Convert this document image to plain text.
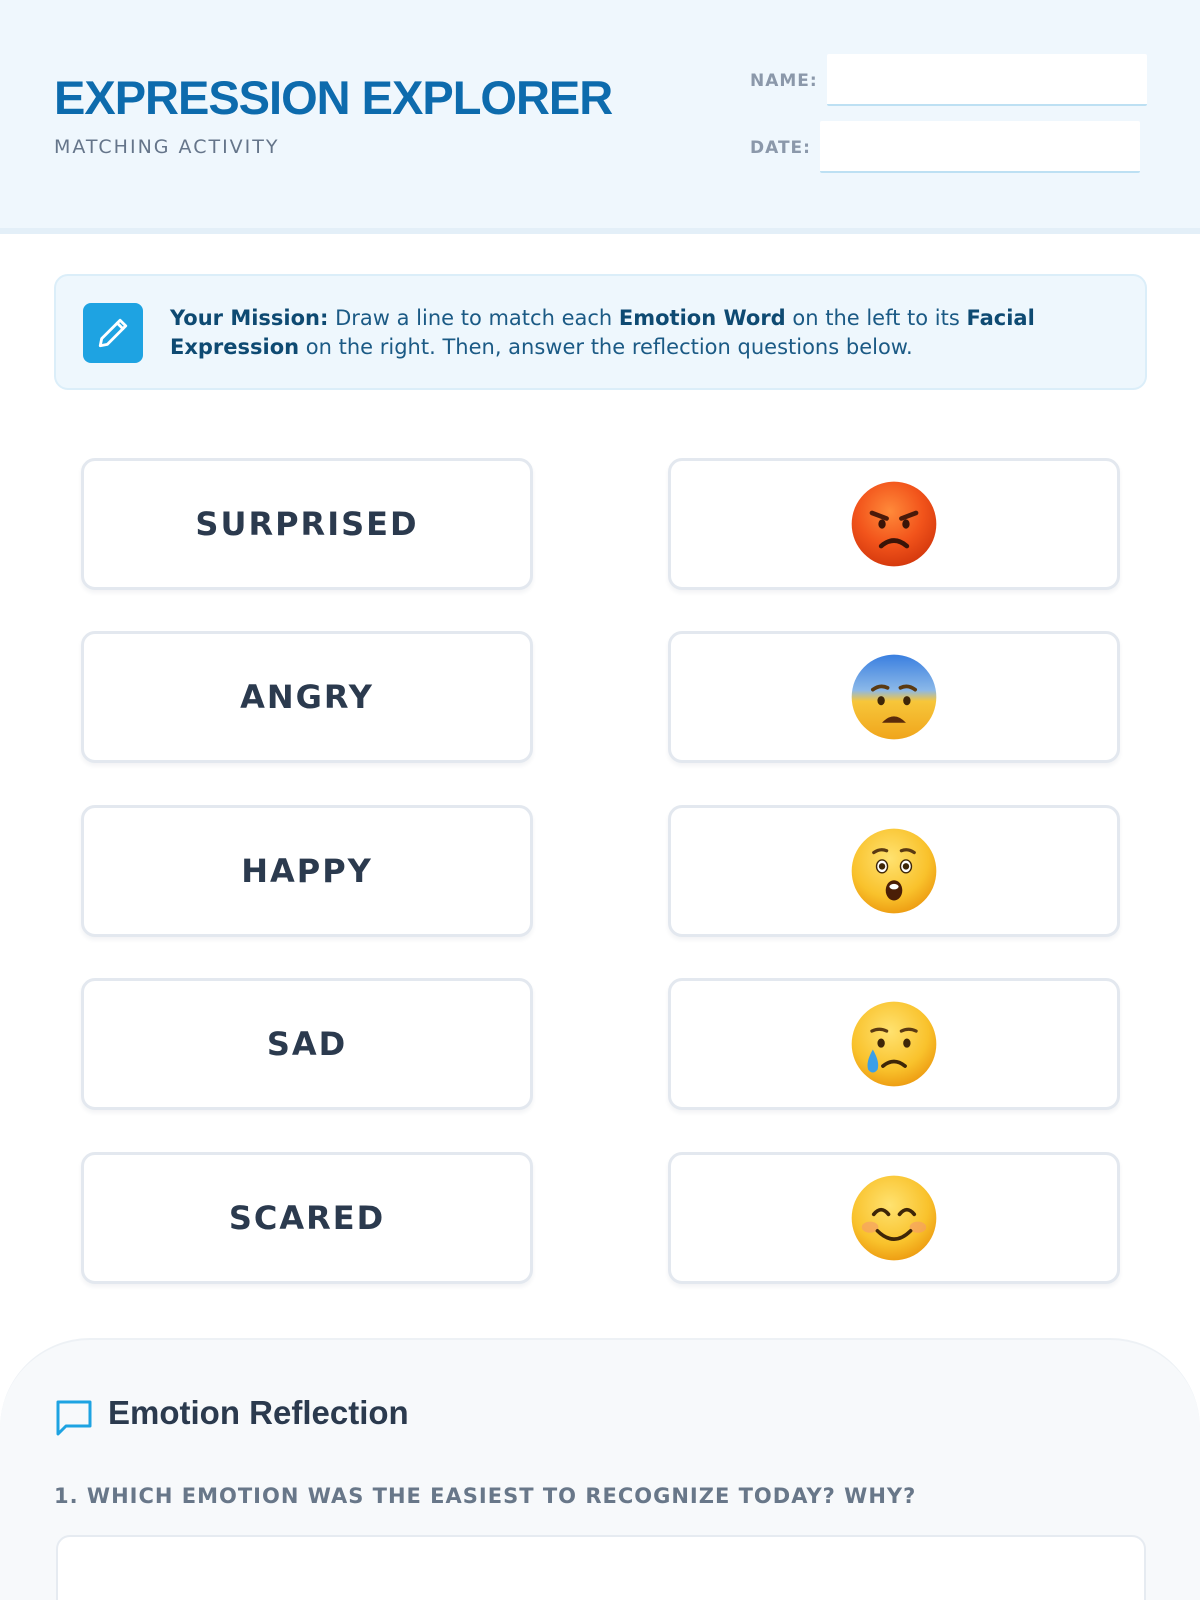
EXPRESSION EXPLORER
MATCHING ACTIVITY
NAME:
DATE:
Your Mission: Draw a line to match each Emotion Word on the left to its Facial Expression on the right. Then, answer the reflection questions below.
SURPRISED
ANGRY
HAPPY
SAD
SCARED
Emotion Reflection
1. WHICH EMOTION WAS THE EASIEST TO RECOGNIZE TODAY? WHY?
